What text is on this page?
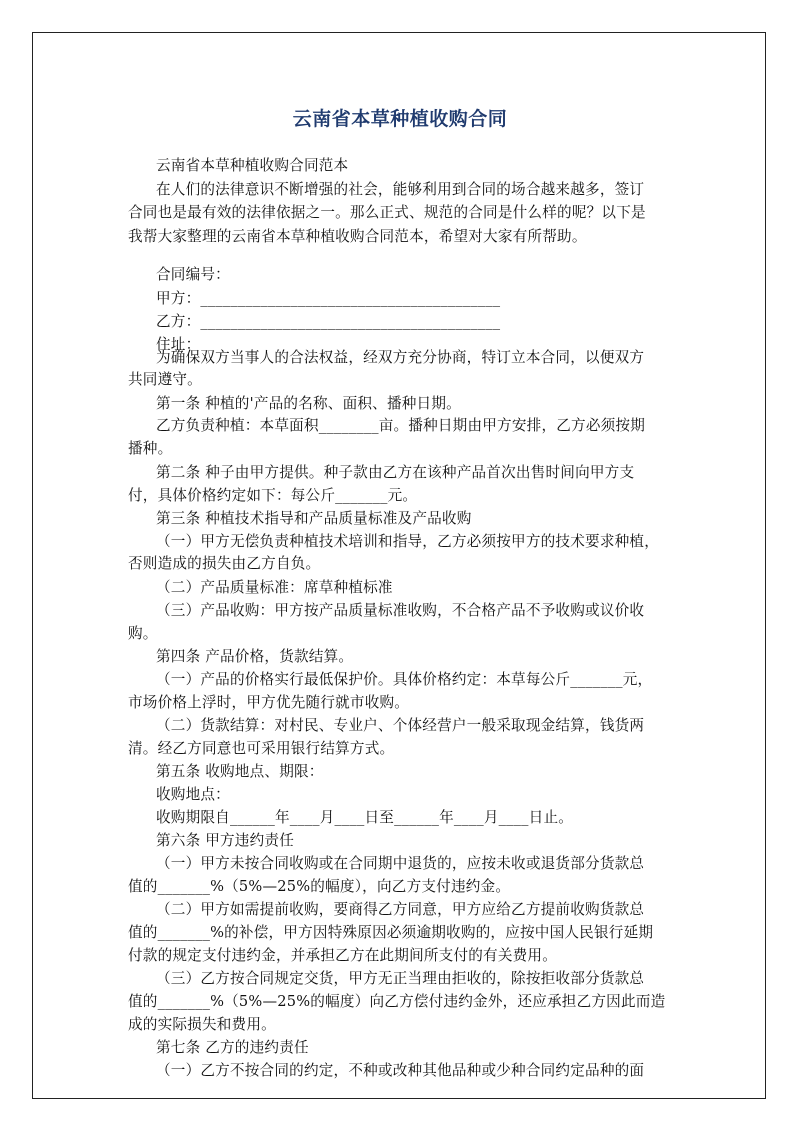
云南省本草种植收购合同
云南省本草种植收购合同范本
在人们的法律意识不断增强的社会，能够利用到合同的场合越来越多，签订
合同也是最有效的法律依据之一。那么正式、规范的合同是什么样的呢？以下是
我帮大家整理的云南省本草种植收购合同范本，希望对大家有所帮助。
合同编号：
甲方：________________________________________
乙方：________________________________________
住址：
为确保双方当事人的合法权益，经双方充分协商，特订立本合同，以便双方
共同遵守。
第一条 种植的'产品的名称、面积、播种日期。
乙方负责种植：本草面积________亩。播种日期由甲方安排，乙方必须按期
播种。
第二条 种子由甲方提供。种子款由乙方在该种产品首次出售时间向甲方支
付，具体价格约定如下：每公斤_______元。
第三条 种植技术指导和产品质量标准及产品收购
（一）甲方无偿负责种植技术培训和指导，乙方必须按甲方的技术要求种植，
否则造成的损失由乙方自负。
（二）产品质量标准：席草种植标准
（三）产品收购：甲方按产品质量标准收购，不合格产品不予收购或议价收
购。
第四条 产品价格，货款结算。
（一）产品的价格实行最低保护价。具体价格约定：本草每公斤_______元，
市场价格上浮时，甲方优先随行就市收购。
（二）货款结算：对村民、专业户、个体经营户一般采取现金结算，钱货两
清。经乙方同意也可采用银行结算方式。
第五条 收购地点、期限：
收购地点：
收购期限自______年____月____日至______年____月____日止。
第六条 甲方违约责任
（一）甲方未按合同收购或在合同期中退货的，应按未收或退货部分货款总
值的_______%（5%—25%的幅度），向乙方支付违约金。
（二）甲方如需提前收购，要商得乙方同意，甲方应给乙方提前收购货款总
值的_______%的补偿，甲方因特殊原因必须逾期收购的，应按中国人民银行延期
付款的规定支付违约金，并承担乙方在此期间所支付的有关费用。
（三）乙方按合同规定交货，甲方无正当理由拒收的，除按拒收部分货款总
值的_______%（5%—25%的幅度）向乙方偿付违约金外，还应承担乙方因此而造
成的实际损失和费用。
第七条 乙方的违约责任
（一）乙方不按合同的约定，不种或改种其他品种或少种合同约定品种的面
